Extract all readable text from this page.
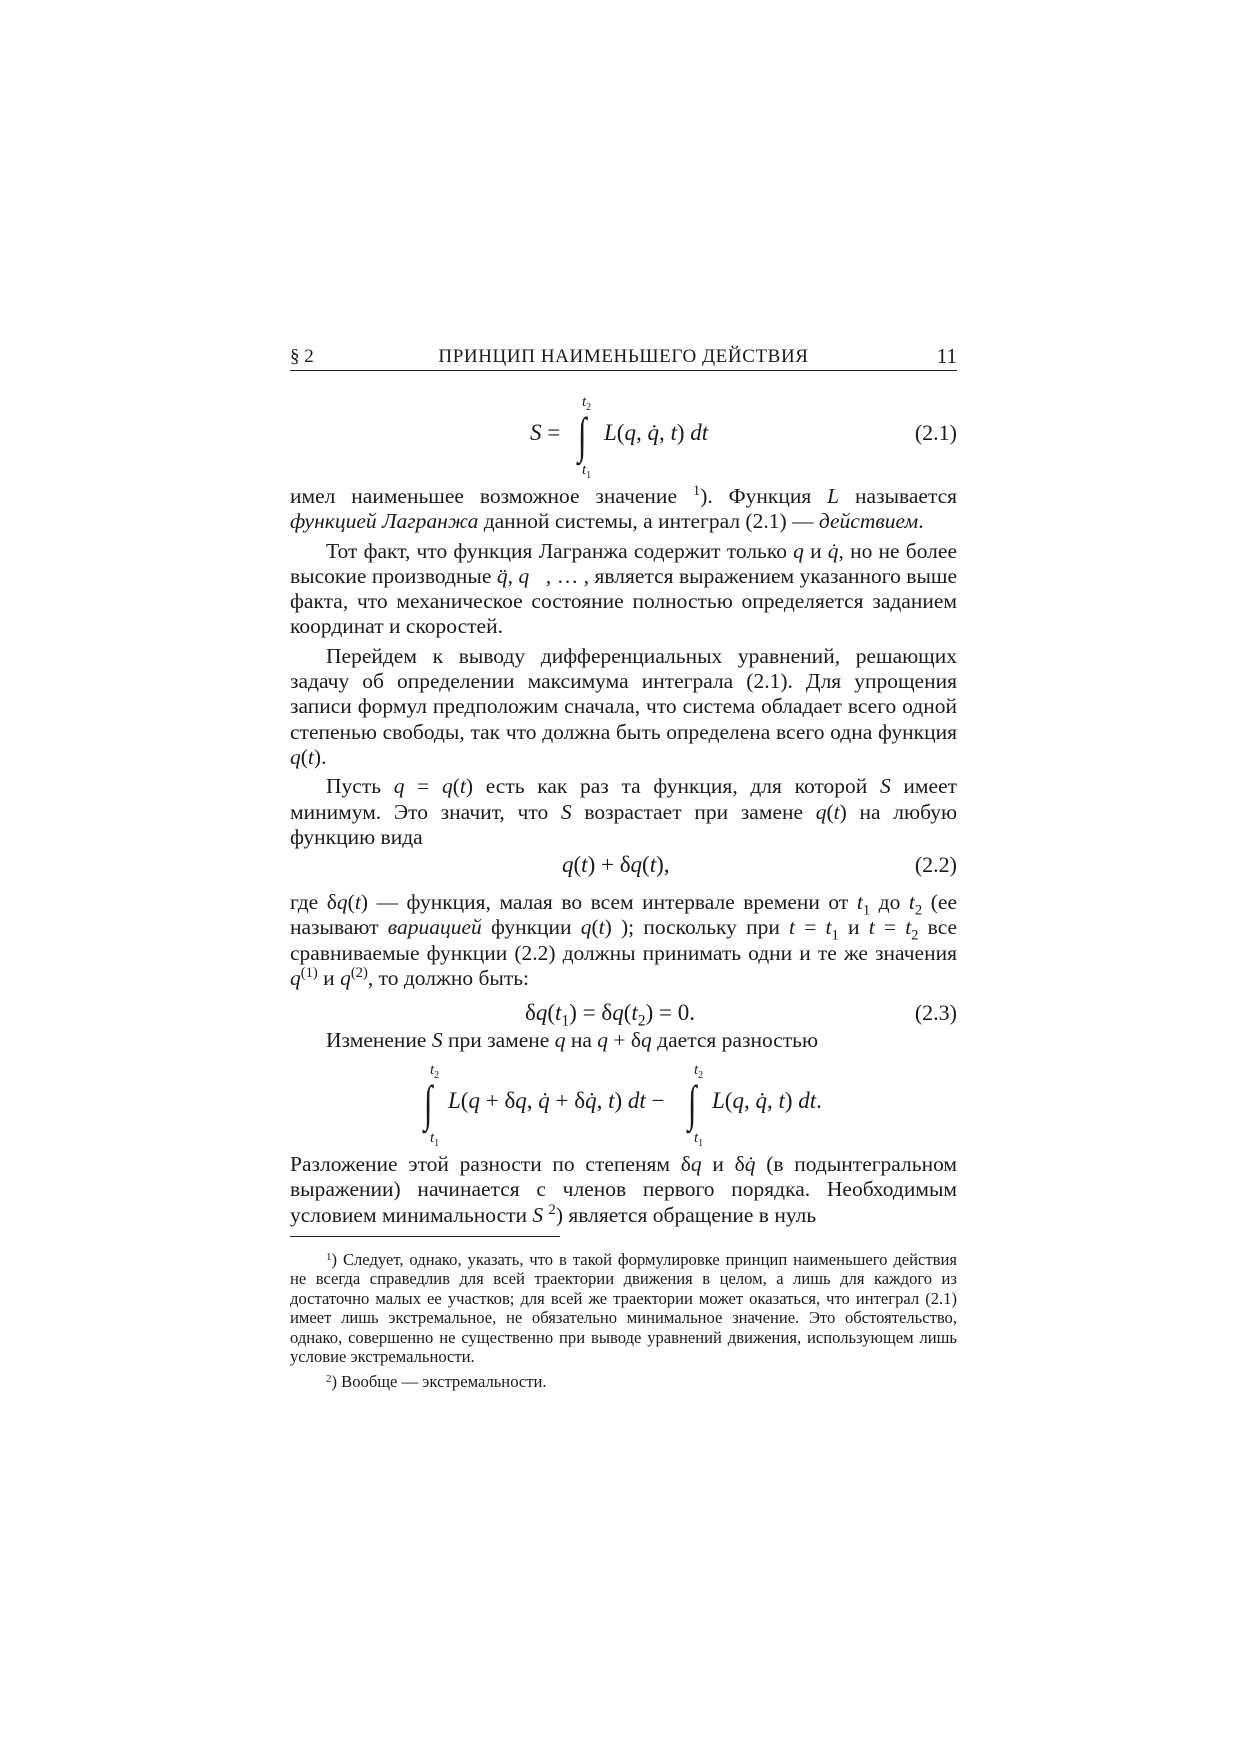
§ 2	ПРИНЦИП НАИМЕНЬШЕГО ДЕЙСТВИЯ	11
S =
$t_2$
∫
$t_1$
L(q, q̇, t) dt	(2.1)

имел наименьшее возможное значение $^1$). Функция L называется функцией Лагранжа данной системы, а интеграл (2.1) — действием.

Тот факт, что функция Лагранжа содержит только q и q̇, но не более высокие производные q̈, q⃛, … , является выражением указанного выше факта, что механическое состояние полностью определяется заданием координат и скоростей.

Перейдем к выводу дифференциальных уравнений, решающих задачу об определении максимума интеграла (2.1). Для упрощения записи формул предположим сначала, что система обладает всего одной степенью свободы, так что должна быть определена всего одна функция q(t).

Пусть q = q(t) есть как раз та функция, для которой S имеет минимум. Это значит, что S возрастает при замене q(t) на любую функцию вида

q(t) + δq(t),	(2.2)

где δq(t) — функция, малая во всем интервале времени от $t_1$ до $t_2$ (ее называют вариацией функции q(t) ); поскольку при $t = t_1$ и $t = t_2$ все сравниваемые функции (2.2) должны принимать одни и те же значения $q^{(1)}$ и $q^{(2)}$, то должно быть:

$\delta q(t_1) = \delta q(t_2) = 0$.	(2.3)

Изменение S при замене q на q + δq дается разностью

$t_2$
∫
$t_1$
L(q + δq, q̇ + δq̇, t) dt −
$t_2$
∫
$t_1$
L(q, q̇, t) dt.

Разложение этой разности по степеням δq и δq̇ (в подынтегральном выражении) начинается с членов первого порядка. Необходимым условием минимальности S $^2$) является обращение в нуль

$^1$) Следует, однако, указать, что в такой формулировке принцип наименьшего действия не всегда справедлив для всей траектории движения в целом, а лишь для каждого из достаточно малых ее участков; для всей же траектории может оказаться, что интеграл (2.1) имеет лишь экстремальное, не обязательно минимальное значение. Это обстоятельство, однако, совершенно не существенно при выводе уравнений движения, использующем лишь условие экстремальности.

$^2$) Вообще — экстремальности.
